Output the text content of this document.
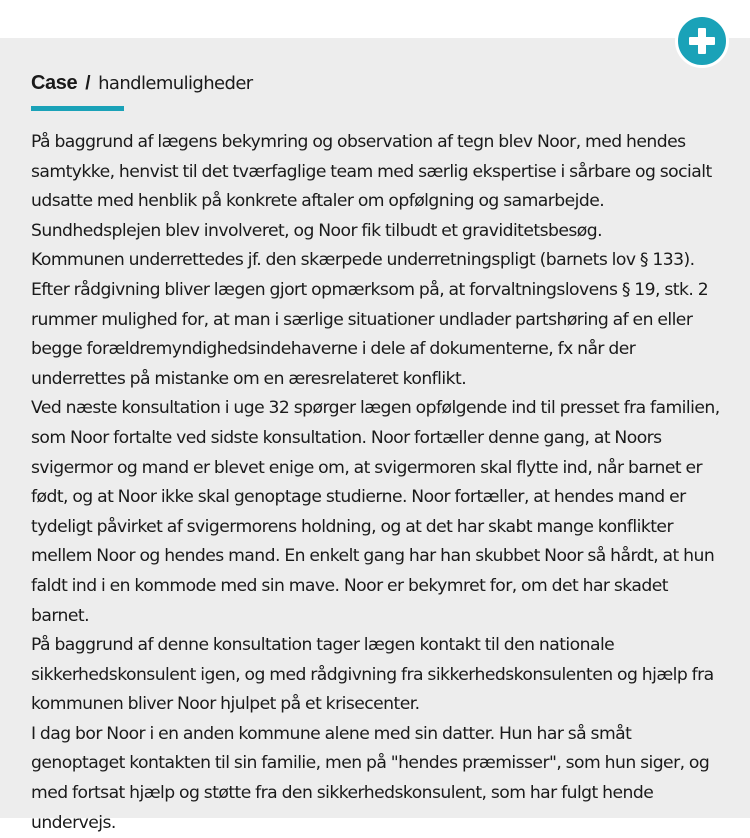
Case / handlemuligheder

På baggrund af lægens bekymring og observation af tegn blev Noor, med hendes samtykke, henvist til det tværfaglige team med særlig ekspertise i sårbare og socialt udsatte med henblik på konkrete aftaler om opfølgning og samarbejde. Sundhedsplejen blev involveret, og Noor fik tilbudt et graviditetsbesøg.

Kommunen underrettedes jf. den skærpede underretningspligt (barnets lov § 133). Efter rådgivning bliver lægen gjort opmærksom på, at forvaltningslovens § 19, stk. 2 rummer mulighed for, at man i særlige situationer undlader partshøring af en eller begge forældremyndighedsindehaverne i dele af dokumenterne, fx når der underrettes på mistanke om en æresrelateret konflikt.

Ved næste konsultation i uge 32 spørger lægen opfølgende ind til presset fra familien, som Noor fortalte ved sidste konsultation. Noor fortæller denne gang, at Noors svigermor og mand er blevet enige om, at svigermoren skal flytte ind, når barnet er født, og at Noor ikke skal genoptage studierne. Noor fortæller, at hendes mand er tydeligt påvirket af svigermorens holdning, og at det har skabt mange konflikter mellem Noor og hendes mand. En enkelt gang har han skubbet Noor så hårdt, at hun faldt ind i en kommode med sin mave. Noor er bekymret for, om det har skadet barnet.

På baggrund af denne konsultation tager lægen kontakt til den nationale sikkerhedskonsulent igen, og med rådgivning fra sikkerhedskonsulenten og hjælp fra kommunen bliver Noor hjulpet på et krisecenter.

I dag bor Noor i en anden kommune alene med sin datter. Hun har så småt genoptaget kontakten til sin familie, men på "hendes præmisser", som hun siger, og med fortsat hjælp og støtte fra den sikkerhedskonsulent, som har fulgt hende undervejs.
